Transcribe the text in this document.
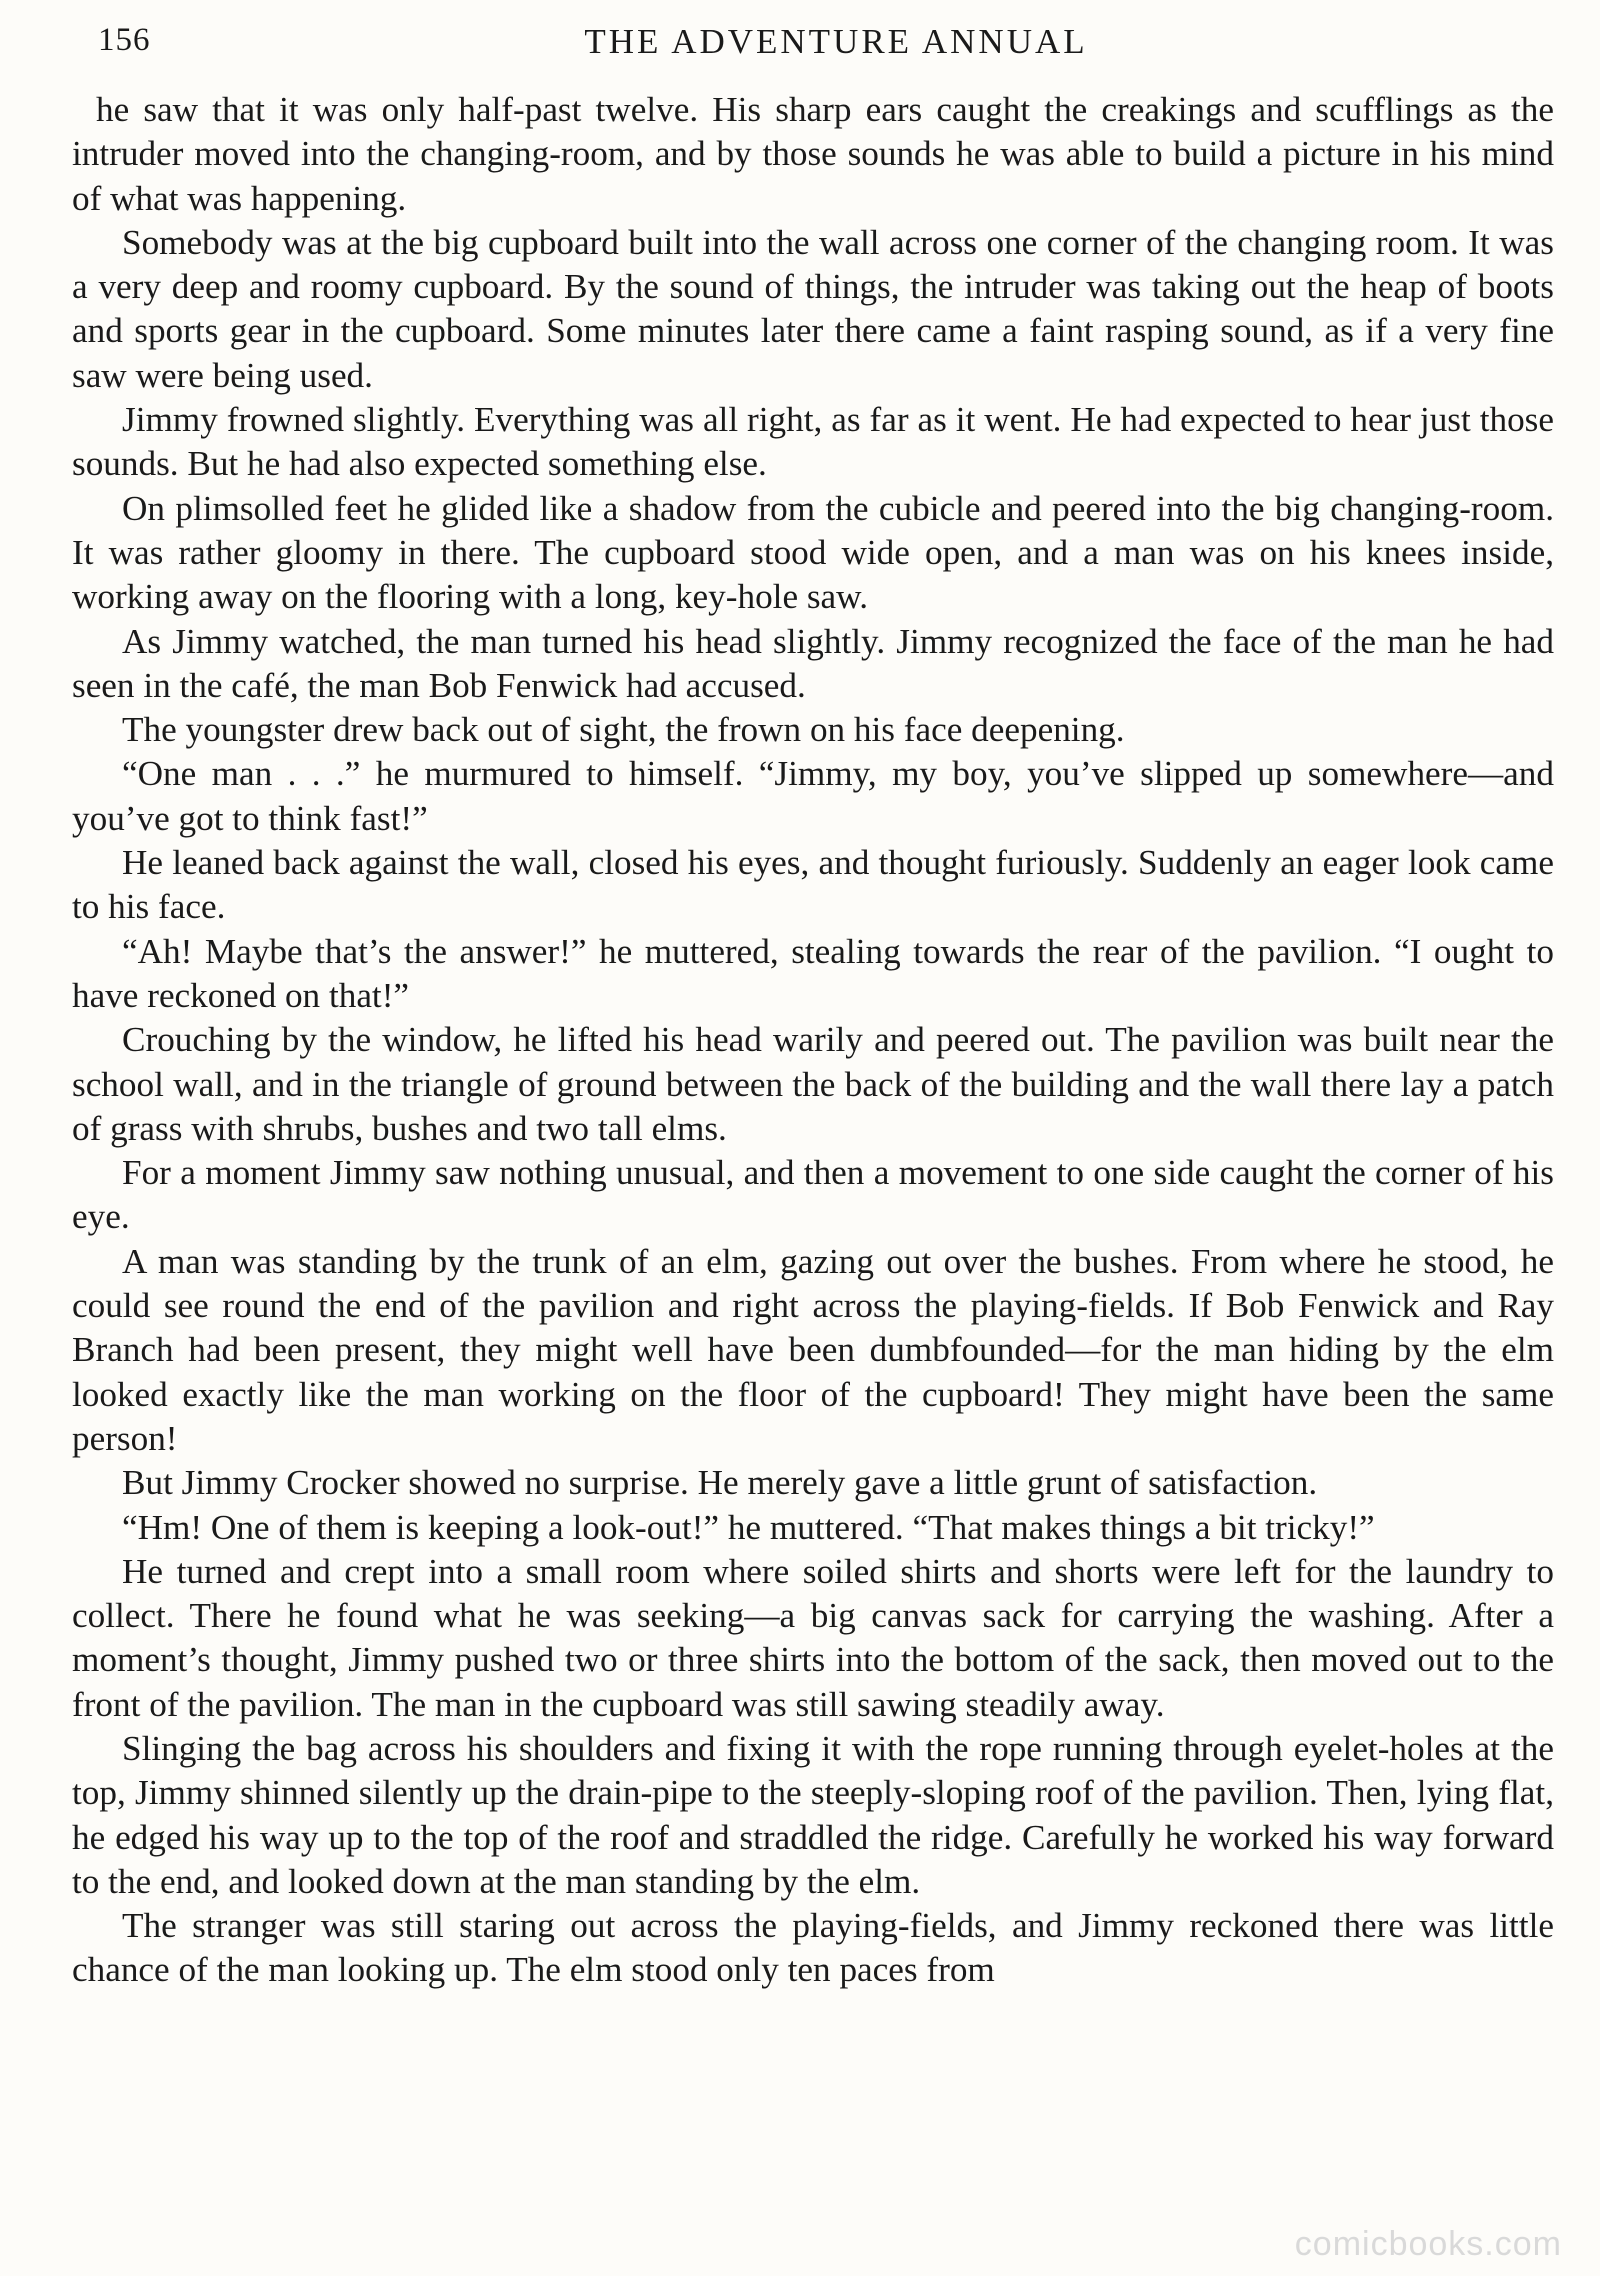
156	THE ADVENTURE ANNUAL

he saw that it was only half-past twelve. His sharp ears caught the creakings and scufflings as the intruder moved into the changing-room, and by those sounds he was able to build a picture in his mind of what was happening.

Somebody was at the big cupboard built into the wall across one corner of the changing room. It was a very deep and roomy cupboard. By the sound of things, the intruder was taking out the heap of boots and sports gear in the cupboard. Some minutes later there came a faint rasping sound, as if a very fine saw were being used.

Jimmy frowned slightly. Everything was all right, as far as it went. He had expected to hear just those sounds. But he had also expected something else.

On plimsolled feet he glided like a shadow from the cubicle and peered into the big changing-room. It was rather gloomy in there. The cupboard stood wide open, and a man was on his knees inside, working away on the flooring with a long, key-hole saw.

As Jimmy watched, the man turned his head slightly. Jimmy recognized the face of the man he had seen in the café, the man Bob Fenwick had accused.

The youngster drew back out of sight, the frown on his face deepening.

“One man . . .” he murmured to himself. “Jimmy, my boy, you’ve slipped up somewhere—and you’ve got to think fast!”

He leaned back against the wall, closed his eyes, and thought furiously. Suddenly an eager look came to his face.

“Ah! Maybe that’s the answer!” he muttered, stealing towards the rear of the pavilion. “I ought to have reckoned on that!”

Crouching by the window, he lifted his head warily and peered out. The pavilion was built near the school wall, and in the triangle of ground between the back of the building and the wall there lay a patch of grass with shrubs, bushes and two tall elms.

For a moment Jimmy saw nothing unusual, and then a movement to one side caught the corner of his eye.

A man was standing by the trunk of an elm, gazing out over the bushes. From where he stood, he could see round the end of the pavilion and right across the playing-fields. If Bob Fenwick and Ray Branch had been present, they might well have been dumbfounded—for the man hiding by the elm looked exactly like the man working on the floor of the cupboard! They might have been the same person!

But Jimmy Crocker showed no surprise. He merely gave a little grunt of satisfaction.

“Hm! One of them is keeping a look-out!” he muttered. “That makes things a bit tricky!”

He turned and crept into a small room where soiled shirts and shorts were left for the laundry to collect. There he found what he was seeking—a big canvas sack for carrying the washing. After a moment’s thought, Jimmy pushed two or three shirts into the bottom of the sack, then moved out to the front of the pavilion. The man in the cupboard was still sawing steadily away.

Slinging the bag across his shoulders and fixing it with the rope running through eyelet-holes at the top, Jimmy shinned silently up the drain-pipe to the steeply-sloping roof of the pavilion. Then, lying flat, he edged his way up to the top of the roof and straddled the ridge. Carefully he worked his way forward to the end, and looked down at the man standing by the elm.

The stranger was still staring out across the playing-fields, and Jimmy reckoned there was little chance of the man looking up. The elm stood only ten paces from

comicbooks.com
